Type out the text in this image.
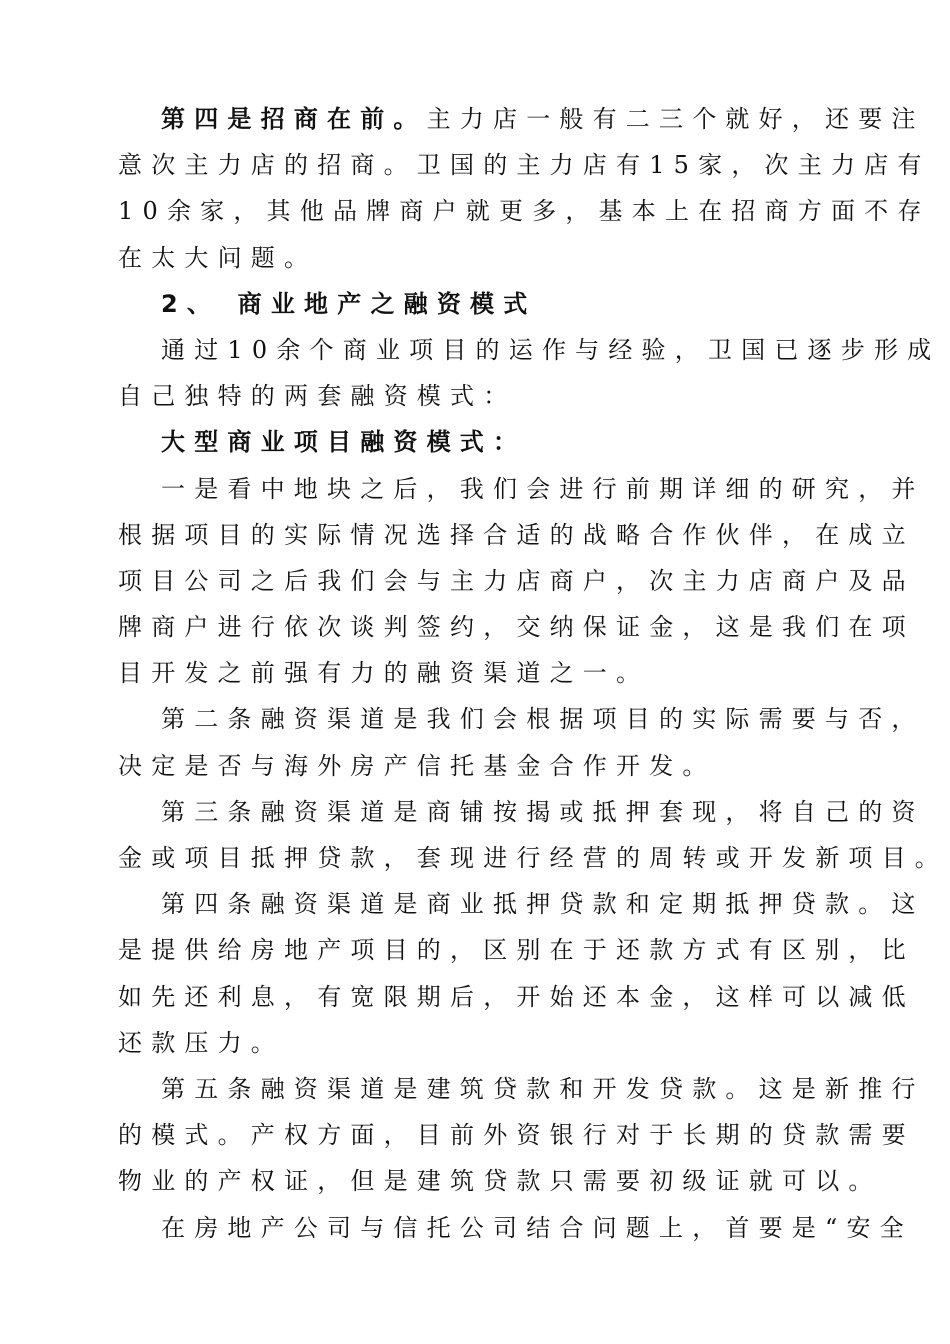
第四是招商在前。主力店一般有二三个就好，还要注
意次主力店的招商。卫国的主力店有15家，次主力店有
10余家，其他品牌商户就更多，基本上在招商方面不存
在太大问题。
2、 商业地产之融资模式
通过10余个商业项目的运作与经验，卫国已逐步形成
自己独特的两套融资模式：
大型商业项目融资模式：
一是看中地块之后，我们会进行前期详细的研究，并
根据项目的实际情况选择合适的战略合作伙伴，在成立
项目公司之后我们会与主力店商户，次主力店商户及品
牌商户进行依次谈判签约，交纳保证金，这是我们在项
目开发之前强有力的融资渠道之一。
第二条融资渠道是我们会根据项目的实际需要与否，
决定是否与海外房产信托基金合作开发。
第三条融资渠道是商铺按揭或抵押套现，将自己的资
金或项目抵押贷款，套现进行经营的周转或开发新项目。
第四条融资渠道是商业抵押贷款和定期抵押贷款。这
是提供给房地产项目的，区别在于还款方式有区别，比
如先还利息，有宽限期后，开始还本金，这样可以减低
还款压力。
第五条融资渠道是建筑贷款和开发贷款。这是新推行
的模式。产权方面，目前外资银行对于长期的贷款需要
物业的产权证，但是建筑贷款只需要初级证就可以。
在房地产公司与信托公司结合问题上，首要是“安全
